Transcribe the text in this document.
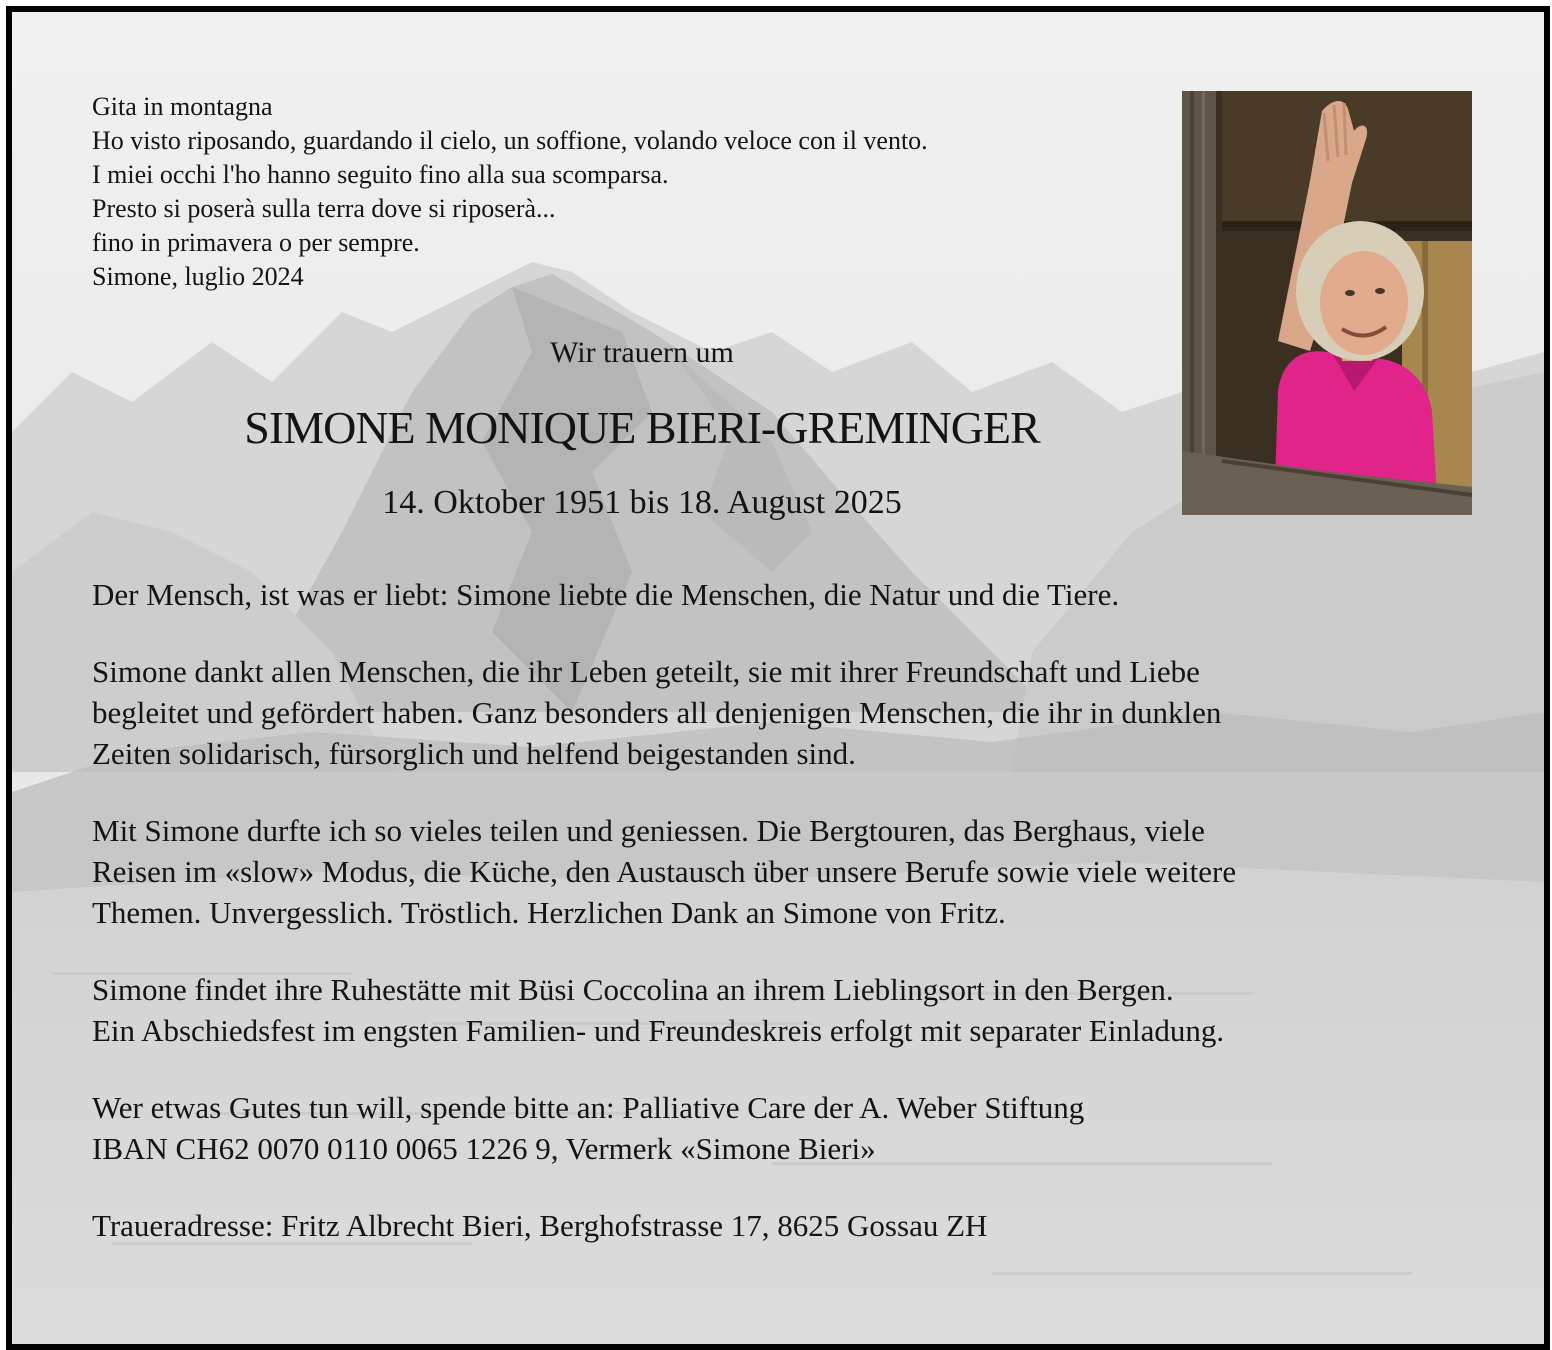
Gita in montagna
Ho visto riposando, guardando il cielo, un soffione, volando veloce con il vento.
I miei occhi l'ho hanno seguito fino alla sua scomparsa.
Presto si poserà sulla terra dove si riposerà...
fino in primavera o per sempre.
Simone, luglio 2024
Wir trauern um
SIMONE MONIQUE BIERI-GREMINGER
14. Oktober 1951 bis 18. August 2025
Der Mensch, ist was er liebt: Simone liebte die Menschen, die Natur und die Tiere.
Simone dankt allen Menschen, die ihr Leben geteilt, sie mit ihrer Freundschaft und Liebe
begleitet und gefördert haben. Ganz besonders all denjenigen Menschen, die ihr in dunklen
Zeiten solidarisch, fürsorglich und helfend beigestanden sind.
Mit Simone durfte ich so vieles teilen und geniessen. Die Bergtouren, das Berghaus, viele
Reisen im «slow» Modus, die Küche, den Austausch über unsere Berufe sowie viele weitere
Themen. Unvergesslich. Tröstlich. Herzlichen Dank an Simone von Fritz.
Simone findet ihre Ruhestätte mit Büsi Coccolina an ihrem Lieblingsort in den Bergen.
Ein Abschiedsfest im engsten Familien- und Freundeskreis erfolgt mit separater Einladung.
Wer etwas Gutes tun will, spende bitte an: Palliative Care der A. Weber Stiftung
IBAN CH62 0070 0110 0065 1226 9, Vermerk «Simone Bieri»
Traueradresse: Fritz Albrecht Bieri, Berghofstrasse 17, 8625 Gossau ZH
